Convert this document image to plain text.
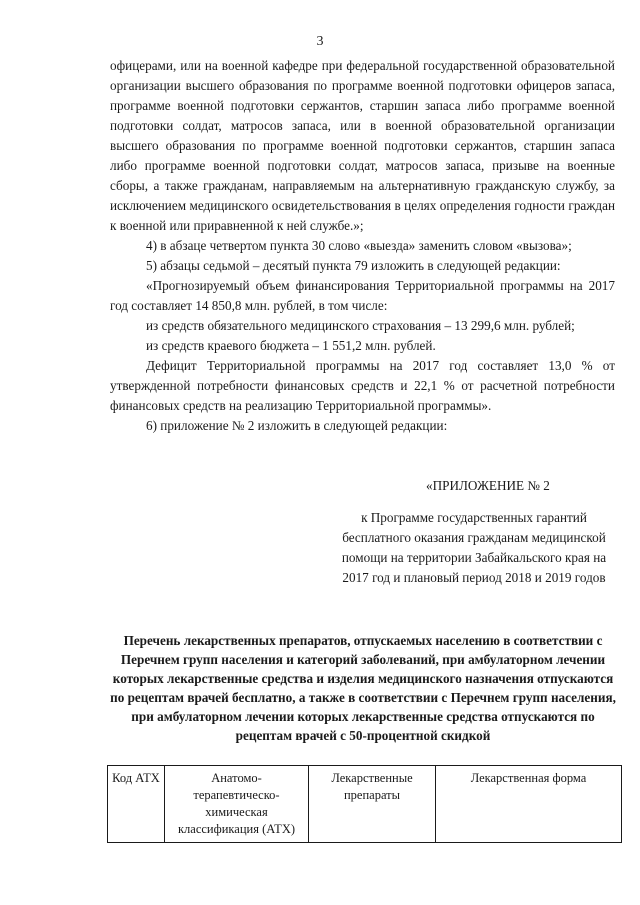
3

офицерами, или на военной кафедре при федеральной государственной образовательной организации высшего образования по программе военной подготовки офицеров запаса, программе военной подготовки сержантов, старшин запаса либо программе военной подготовки солдат, матросов запаса, или в военной образовательной организации высшего образования по программе военной подготовки сержантов, старшин запаса либо программе военной подготовки солдат, матросов запаса, призыве на военные сборы, а также гражданам, направляемым на альтернативную гражданскую службу, за исключением медицинского освидетельствования в целях определения годности граждан к военной или приравненной к ней службе.»;

4) в абзаце четвертом пункта 30 слово «выезда» заменить словом «вызова»;

5) абзацы седьмой – десятый пункта 79 изложить в следующей редакции:

«Прогнозируемый объем финансирования Территориальной программы на 2017 год составляет 14 850,8 млн. рублей, в том числе:

из средств обязательного медицинского страхования – 13 299,6 млн. рублей;

из средств краевого бюджета – 1 551,2 млн. рублей.

Дефицит Территориальной программы на 2017 год составляет 13,0 % от утвержденной потребности финансовых средств и 22,1 % от расчетной потребности финансовых средств на реализацию Территориальной программы».

6) приложение № 2 изложить в следующей редакции:

«ПРИЛОЖЕНИЕ № 2

к Программе государственных гарантий бесплатного оказания гражданам медицинской помощи на территории Забайкальского края на 2017 год и плановый период 2018 и 2019 годов

Перечень лекарственных препаратов, отпускаемых населению в соответствии с Перечнем групп населения и категорий заболеваний, при амбулаторном лечении которых лекарственные средства и изделия медицинского назначения отпускаются по рецептам врачей бесплатно, а также в соответствии с Перечнем групп населения, при амбулаторном лечении которых лекарственные средства отпускаются по рецептам врачей с 50-процентной скидкой
Код АТХ	Анатомо-терапевтическо-химическая классификация (АТХ)	Лекарственные препараты	Лекарственная форма
